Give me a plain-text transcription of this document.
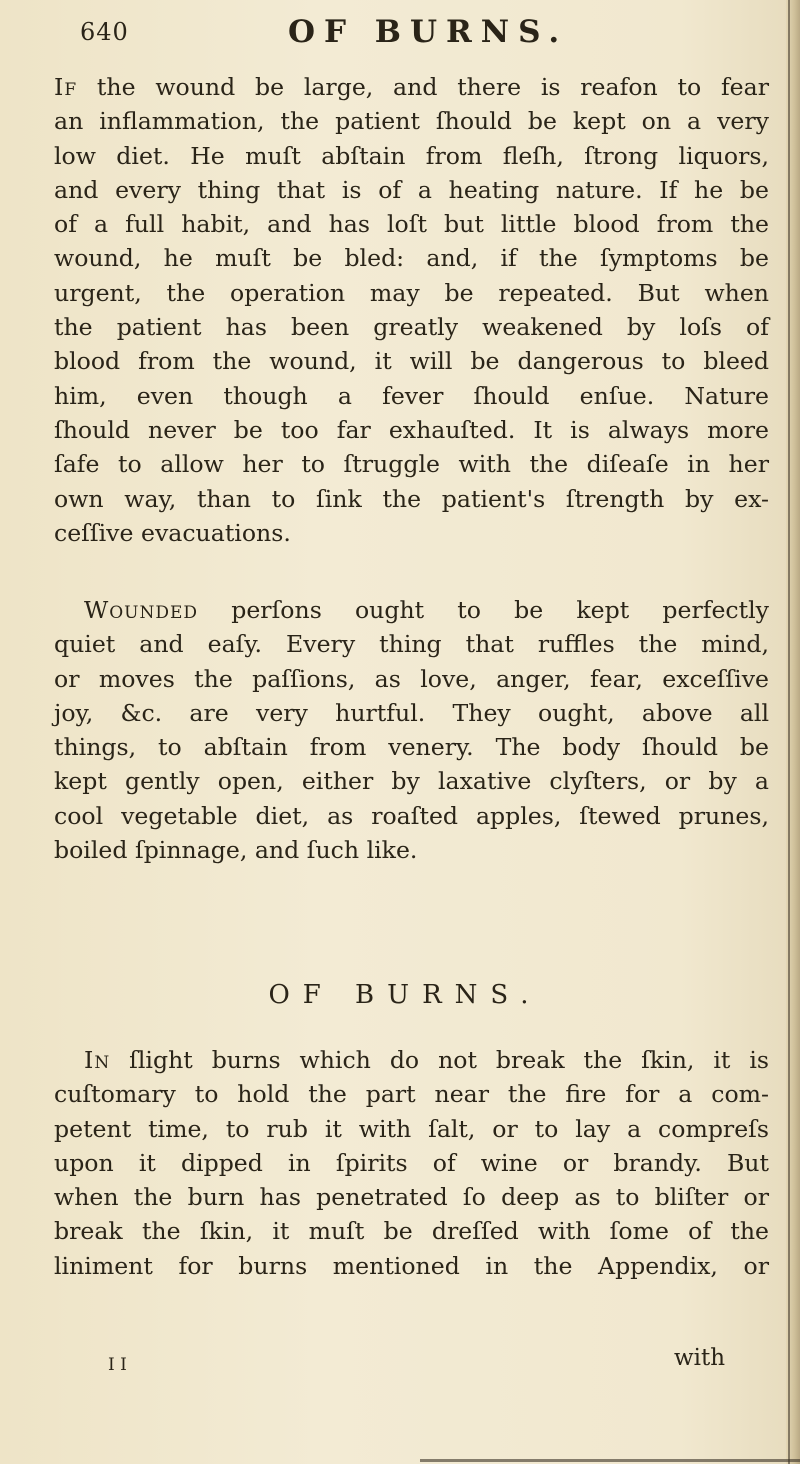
640	OF BURNS.
If the wound be large, and there is reafon to fear
an inflammation, the patient ſhould be kept on a very
low diet. He muſt abſtain from fleſh, ſtrong liquors,
and every thing that is of a heating nature. If he be
of a full habit, and has loſt but little blood from the
wound, he muſt be bled: and, if the ſymptoms be
urgent, the operation may be repeated. But when
the patient has been greatly weakened by loſs of
blood from the wound, it will be dangerous to bleed
him, even though a fever ſhould enſue. Nature
ſhould never be too far exhauſted. It is always more
ſafe to allow her to ſtruggle with the diſeaſe in her
own way, than to ſink the patient's ſtrength by ex-
ceſſive evacuations.
Wounded perſons ought to be kept perfectly
quiet and eaſy. Every thing that ruffles the mind,
or moves the paſſions, as love, anger, fear, exceſſive
joy, &c. are very hurtful. They ought, above all
things, to abſtain from venery. The body ſhould be
kept gently open, either by laxative clyſters, or by a
cool vegetable diet, as roaſted apples, ſtewed prunes,
boiled ſpinnage, and ſuch like.
OF BURNS.
In ſlight burns which do not break the ſkin, it is
cuſtomary to hold the part near the fire for a com-
petent time, to rub it with ſalt, or to lay a compreſs
upon it dipped in ſpirits of wine or brandy. But
when the burn has penetrated ſo deep as to bliſter or
break the ſkin, it muſt be dreſſed with ſome of the
liniment for burns mentioned in the Appendix, or
I I	with
